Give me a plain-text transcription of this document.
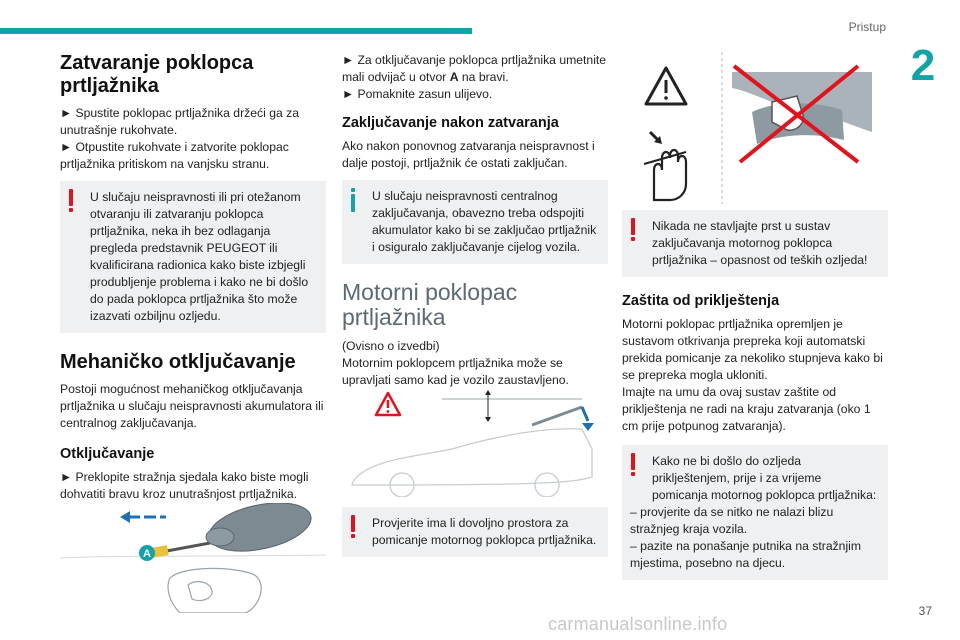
Pristup
2
Zatvaranje poklopca prtljažnika

► Spustite poklopac prtljažnika držeći ga za unutrašnje rukohvate.

► Otpustite rukohvate i zatvorite poklopac prtljažnika pritiskom na vanjsku stranu.

U slučaju neispravnosti ili pri otežanom otvaranju ili zatvaranju poklopca prtljažnika, neka ih bez odlaganja pregleda predstavnik PEUGEOT ili kvalificirana radionica kako biste izbjegli produbljenje problema i kako ne bi došlo do pada poklopca prtljažnika što može izazvati ozbiljnu ozljedu.

Mehaničko otključavanje

Postoji mogućnost mehaničkog otključavanja prtljažnika u slučaju neispravnosti akumulatora ili centralnog zaključavanja.

Otključavanje

► Preklopite stražnja sjedala kako biste mogli dohvatiti bravu kroz unutrašnjost prtljažnika.

A

► Za otključavanje poklopca prtljažnika umetnite mali odvijač u otvor A na bravi.

► Pomaknite zasun ulijevo.

Zaključavanje nakon zatvaranja

Ako nakon ponovnog zatvaranja neispravnost i dalje postoji, prtljažnik će ostati zaključan.

U slučaju neispravnosti centralnog zaključavanja, obavezno treba odspojiti akumulator kako bi se zaključao prtljažnik i osiguralo zaključavanje cijelog vozila.

Motorni poklopac prtljažnika

(Ovisno o izvedbi)

Motornim poklopcem prtljažnika može se upravljati samo kad je vozilo zaustavljeno.

Provjerite ima li dovoljno prostora za pomicanje motornog poklopca prtljažnika.

Nikada ne stavljajte prst u sustav zaključavanja motornog poklopca prtljažnika – opasnost od teških ozljeda!

Zaštita od priklještenja

Motorni poklopac prtljažnika opremljen je sustavom otkrivanja prepreka koji automatski prekida pomicanje za nekoliko stupnjeva kako bi se prepreka mogla ukloniti.

Imajte na umu da ovaj sustav zaštite od priklještenja ne radi na kraju zatvaranja (oko 1 cm prije potpunog zatvaranja).

Kako ne bi došlo do ozljeda priklještenjem, prije i za vrijeme pomicanja motornog poklopca prtljažnika:

– provjerite da se nitko ne nalazi blizu stražnjeg kraja vozila.

– pazite na ponašanje putnika na stražnjim mjestima, posebno na djecu.

37
carmanualsonline.info
